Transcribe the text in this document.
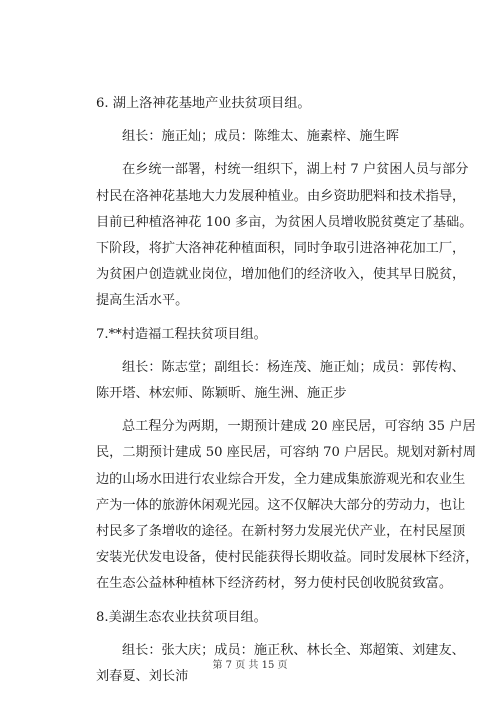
6. 湖上洛神花基地产业扶贫项目组。

组长：施正灿；成员：陈维太、施素梓、施生晖

在乡统一部署，村统一组织下，湖上村 7 户贫困人员与部分
村民在洛神花基地大力发展种植业。由乡资助肥料和技术指导，
目前已种植洛神花 100 多亩，为贫困人员增收脱贫奠定了基础。
下阶段，将扩大洛神花种植面积，同时争取引进洛神花加工厂，
为贫困户创造就业岗位，增加他们的经济收入，使其早日脱贫，
提高生活水平。

7.**村造福工程扶贫项目组。

组长：陈志堂；副组长：杨连茂、施正灿；成员：郭传构、
陈开塔、林宏师、陈颖昕、施生洲、施正步

总工程分为两期，一期预计建成 20 座民居，可容纳 35 户居
民，二期预计建成 50 座民居，可容纳 70 户居民。规划对新村周
边的山场水田进行农业综合开发，全力建成集旅游观光和农业生
产为一体的旅游休闲观光园。这不仅解决大部分的劳动力，也让
村民多了条增收的途径。在新村努力发展光伏产业，在村民屋顶
安装光伏发电设备，使村民能获得长期收益。同时发展林下经济，
在生态公益林种植林下经济药材，努力使村民创收脱贫致富。

8.美湖生态农业扶贫项目组。

组长：张大庆；成员：施正秋、林长全、郑超策、刘建友、
刘春夏、刘长沛

第 7 页 共 15 页
